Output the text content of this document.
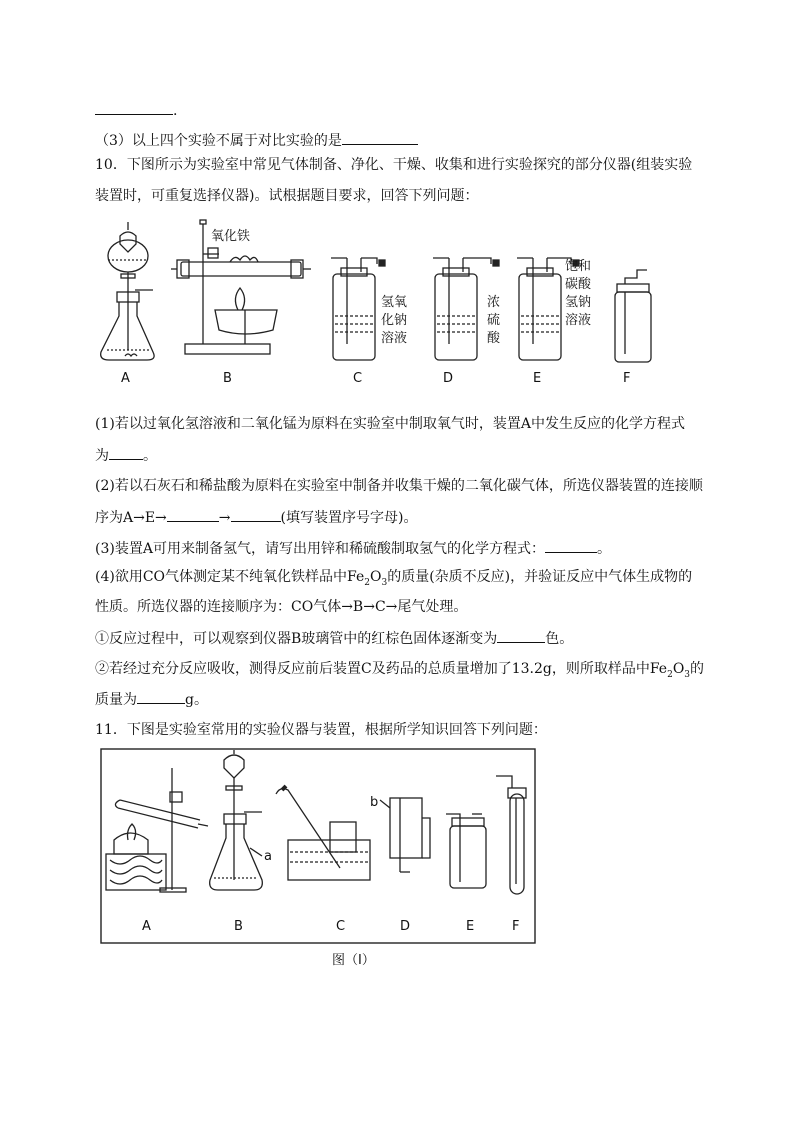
.
（3）以上四个实验不属于对比实验的是
10．下图所示为实验室中常见气体制备、净化、干燥、收集和进行实验探究的部分仪器(组装实验
装置时，可重复选择仪器)。试根据题目要求，回答下列问题：
氧化铁
氢氧
化钠
溶液
浓
硫
酸
饱和
碳酸
氢钠
溶液
A	B	C	D	E	F
(1)若以过氧化氢溶液和二氧化锰为原料在实验室中制取氧气时，装置A中发生反应的化学方程式
为 。
(2)若以石灰石和稀盐酸为原料在实验室中制备并收集干燥的二氧化碳气体，所选仪器装置的连接顺
序为A→E→	→	(填写装置序号字母)。
(3)装置A可用来制备氢气，请写出用锌和稀硫酸制取氢气的化学方程式：	。
(4)欲用CO气体测定某不纯氧化铁样品中$Fe_2O_3$的质量(杂质不反应)，并验证反应中气体生成物的
性质。所选仪器的连接顺序为：CO气体→B→C→尾气处理。
①反应过程中，可以观察到仪器B玻璃管中的红棕色固体逐渐变为	色。
②若经过充分反应吸收，测得反应前后装置C及药品的总质量增加了13.2g，则所取样品中$Fe_2O_3$的
质量为	g。
11．下图是实验室常用的实验仪器与装置，根据所学知识回答下列问题：
a
b
A	B	C	D	E	F
图（I）
